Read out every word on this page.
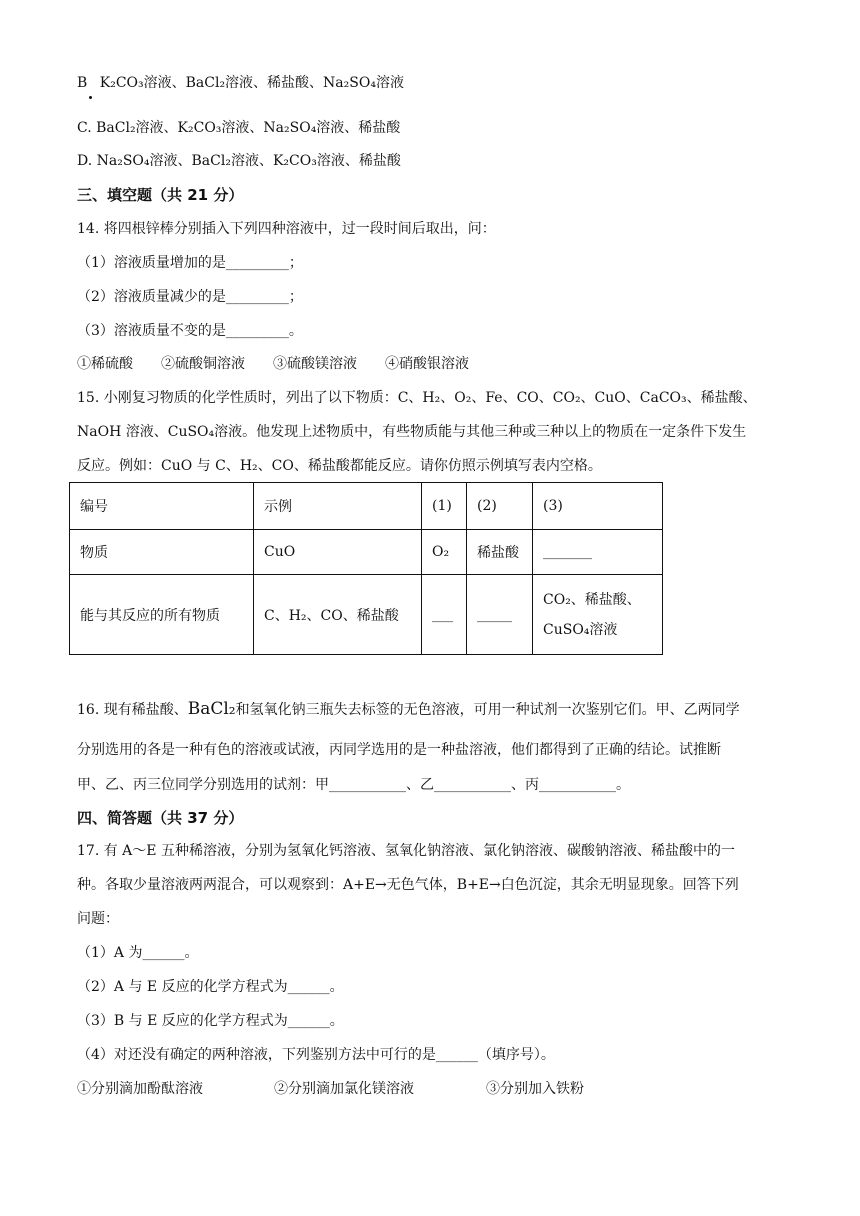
B K₂CO₃溶液、BaCl₂溶液、稀盐酸、Na₂SO₄溶液
C. BaCl₂溶液、K₂CO₃溶液、Na₂SO₄溶液、稀盐酸
D. Na₂SO₄溶液、BaCl₂溶液、K₂CO₃溶液、稀盐酸
三、填空题（共 21 分）
14. 将四根锌棒分别插入下列四种溶液中，过一段时间后取出，问：
（1）溶液质量增加的是_________；
（2）溶液质量减少的是_________；
（3）溶液质量不变的是_________。
①稀硫酸　　②硫酸铜溶液　　③硫酸镁溶液　　④硝酸银溶液
15. 小刚复习物质的化学性质时，列出了以下物质：C、H₂、O₂、Fe、CO、CO₂、CuO、CaCO₃、稀盐酸、
NaOH 溶液、CuSO₄溶液。他发现上述物质中，有些物质能与其他三种或三种以上的物质在一定条件下发生
反应。例如：CuO 与 C、H₂、CO、稀盐酸都能反应。请你仿照示例填写表内空格。
编号	示例	(1)	(2)	(3)
物质	CuO	O₂	稀盐酸	_______
能与其反应的所有物质	C、H₂、CO、稀盐酸	___	_____	CO₂、稀盐酸、
CuSO₄溶液
16. 现有稀盐酸、BaCl₂和氢氧化钠三瓶失去标签的无色溶液，可用一种试剂一次鉴别它们。甲、乙两同学
分别选用的各是一种有色的溶液或试液，丙同学选用的是一种盐溶液，他们都得到了正确的结论。试推断
甲、乙、丙三位同学分别选用的试剂：甲___________、乙___________、丙___________。
四、简答题（共 37 分）
17. 有 A～E 五种稀溶液，分别为氢氧化钙溶液、氢氧化钠溶液、氯化钠溶液、碳酸钠溶液、稀盐酸中的一
种。各取少量溶液两两混合，可以观察到：A+E→无色气体，B+E→白色沉淀，其余无明显现象。回答下列
问题：
（1）A 为______。
（2）A 与 E 反应的化学方程式为______。
（3）B 与 E 反应的化学方程式为______。
（4）对还没有确定的两种溶液，下列鉴别方法中可行的是______（填序号）。
①分别滴加酚酞溶液	②分别滴加氯化镁溶液	③分别加入铁粉
